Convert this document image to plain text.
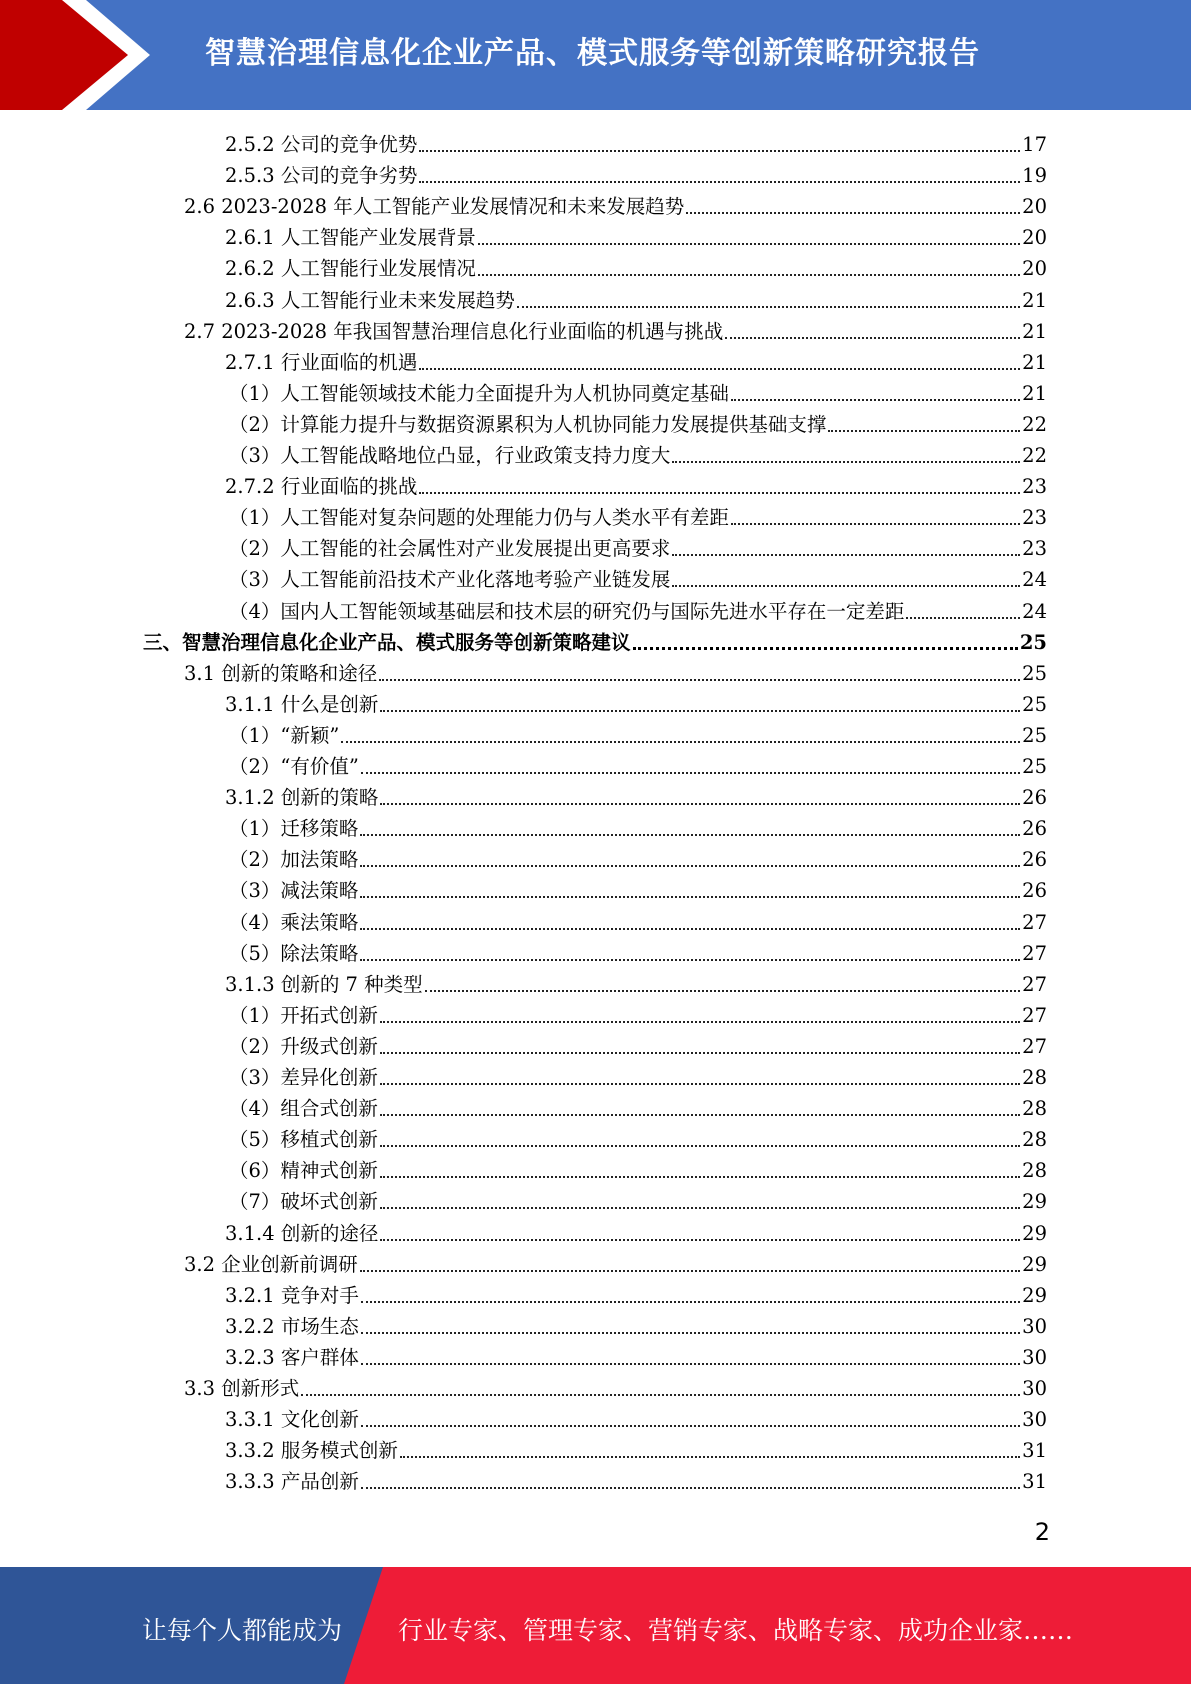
智慧治理信息化企业产品、模式服务等创新策略研究报告
2.5.2 公司的竞争优势	17
2.5.3 公司的竞争劣势	19
2.6 2023-2028 年人工智能产业发展情况和未来发展趋势	20
2.6.1 人工智能产业发展背景	20
2.6.2 人工智能行业发展情况	20
2.6.3 人工智能行业未来发展趋势	21
2.7 2023-2028 年我国智慧治理信息化行业面临的机遇与挑战	21
2.7.1 行业面临的机遇	21
（1）人工智能领域技术能力全面提升为人机协同奠定基础	21
（2）计算能力提升与数据资源累积为人机协同能力发展提供基础支撑	22
（3）人工智能战略地位凸显，行业政策支持力度大	22
2.7.2 行业面临的挑战	23
（1）人工智能对复杂问题的处理能力仍与人类水平有差距	23
（2）人工智能的社会属性对产业发展提出更高要求	23
（3）人工智能前沿技术产业化落地考验产业链发展	24
（4）国内人工智能领域基础层和技术层的研究仍与国际先进水平存在一定差距	24
三、智慧治理信息化企业产品、模式服务等创新策略建议	25
3.1 创新的策略和途径	25
3.1.1 什么是创新	25
（1）“新颖”	25
（2）“有价值”	25
3.1.2 创新的策略	26
（1）迁移策略	26
（2）加法策略	26
（3）减法策略	26
（4）乘法策略	27
（5）除法策略	27
3.1.3 创新的 7 种类型	27
（1）开拓式创新	27
（2）升级式创新	27
（3）差异化创新	28
（4）组合式创新	28
（5）移植式创新	28
（6）精神式创新	28
（7）破坏式创新	29
3.1.4 创新的途径	29
3.2 企业创新前调研	29
3.2.1 竞争对手	29
3.2.2 市场生态	30
3.2.3 客户群体	30
3.3 创新形式	30
3.3.1 文化创新	30
3.3.2 服务模式创新	31
3.3.3 产品创新	31
2
让每个人都能成为 行业专家、管理专家、营销专家、战略专家、成功企业家……
